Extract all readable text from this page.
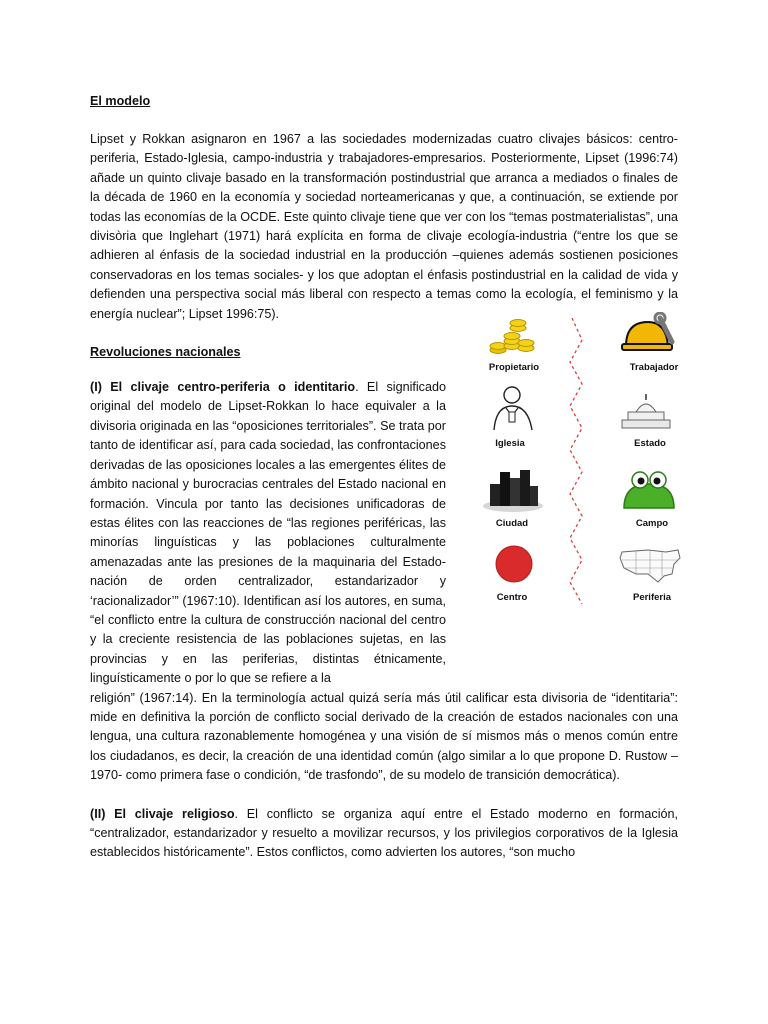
El modelo

Lipset y Rokkan asignaron en 1967 a las sociedades modernizadas cuatro clivajes básicos: centro-periferia, Estado-Iglesia, campo-industria y trabajadores-empresarios. Posteriormente, Lipset (1996:74) añade un quinto clivaje basado en la transformación postindustrial que arranca a mediados o finales de la década de 1960 en la economía y sociedad norteamericanas y que, a continuación, se extiende por todas las economías de la OCDE. Este quinto clivaje tiene que ver con los “temas postmaterialistas”, una divisòria que Inglehart (1971) hará explícita en forma de clivaje ecología-industria (“entre los que se adhieren al énfasis de la sociedad industrial en la producción –quienes además sostienen posiciones conservadoras en los temas sociales- y los que adoptan el énfasis postindustrial en la calidad de vida y defienden una perspectiva social más liberal con respecto a temas como la ecología, el feminismo y la energía nuclear”; Lipset 1996:75).

Revoluciones nacionales

(I) El clivaje centro-periferia o identitario. El significado original del modelo de Lipset-Rokkan lo hace equivaler a la divisoria originada en las “oposiciones territoriales”. Se trata por tanto de identificar así, para cada sociedad, las confrontaciones derivadas de las oposiciones locales a las emergentes élites de ámbito nacional y burocracias centrales del Estado nacional en formación. Vincula por tanto las decisiones unificadoras de estas élites con las reacciones de “las regiones periféricas, las minorías linguísticas y las poblaciones culturalmente amenazadas ante las presiones de la maquinaria del Estado-nación de orden centralizador, estandarizador y ‘racionalizador’” (1967:10). Identifican así los autores, en suma, “el conflicto entre la cultura de construcción nacional del centro y la creciente resistencia de las poblaciones sujetas, en las provincias y en las periferias, distintas étnicamente, linguísticamente o por lo que se refiere a la

religión” (1967:14). En la terminología actual quizá sería más útil calificar esta divisoria de “identitaria”: mide en definitiva la porción de conflicto social derivado de la creación de estados nacionales con una lengua, una cultura razonablemente homogénea y una visión de sí mismos más o menos común entre los ciudadanos, es decir, la creación de una identidad común (algo similar a lo que propone D. Rustow –1970- como primera fase o condición, “de trasfondo”, de su modelo de transición democrática).

(II) El clivaje religioso. El conflicto se organiza aquí entre el Estado moderno en formación, “centralizador, estandarizador y resuelto a movilizar recursos, y los privilegios corporativos de la Iglesia establecidos históricamente”. Estos conflictos, como advierten los autores, “son mucho

Propietario
Iglesia
Ciudad
Centro
Trabajador
Estado
Campo
Periferia
